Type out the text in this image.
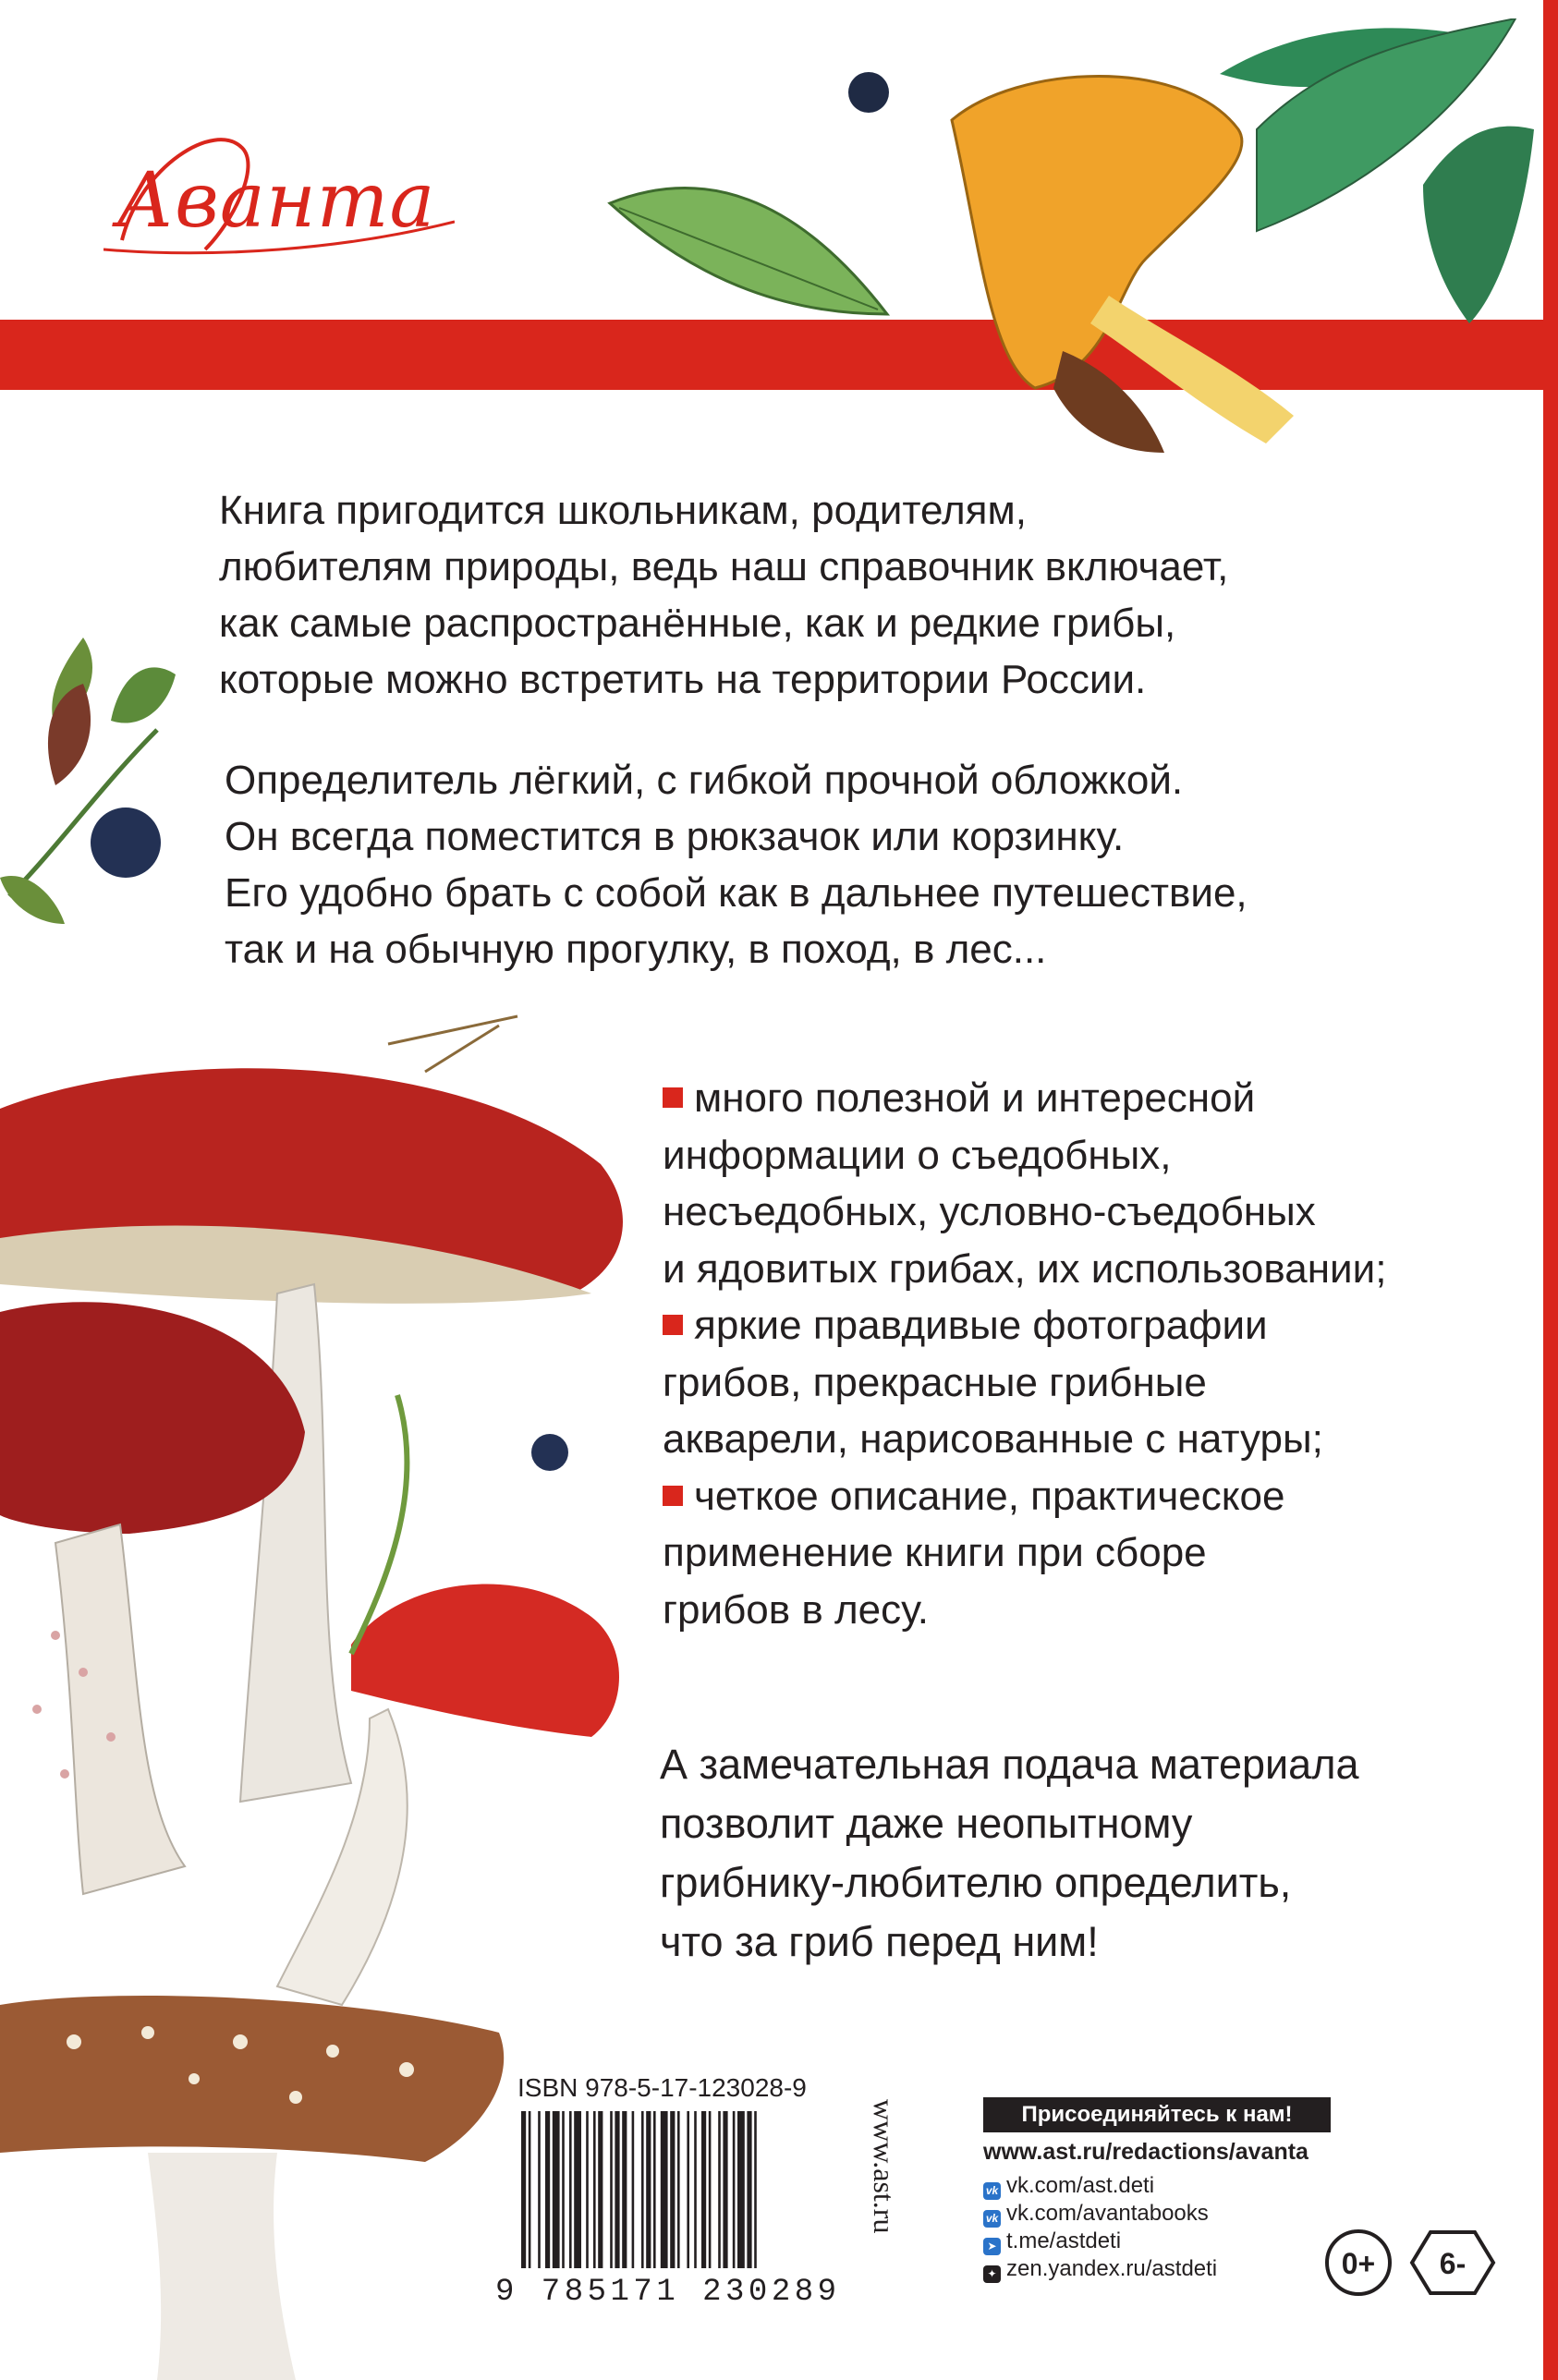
Аванта
Книга пригодится школьникам, родителям,
любителям природы, ведь наш справочник включает,
как самые распространённые, как и редкие грибы,
которые можно встретить на территории России.
Определитель лёгкий, с гибкой прочной обложкой.
Он всегда поместится в рюкзачок или корзинку.
Его удобно брать с собой как в дальнее путешествие,
так и на обычную прогулку, в поход, в лес...
много полезной и интересной
информации о съедобных,
несъедобных, условно-съедобных
и ядовитых грибах, их использовании;
яркие правдивые фотографии
грибов, прекрасные грибные
акварели, нарисованные с натуры;
четкое описание, практическое
применение книги при сборе
грибов в лесу.
А замечательная подача материала
позволит даже неопытному
грибнику-любителю определить,
что за гриб перед ним!
ISBN 978-5-17-123028-9
9 785171 230289
www.ast.ru	Присоединяйтесь к нам!
www.ast.ru/redactions/avanta
vk vk.com/ast.deti
vk vk.com/avantabooks
➤ t.me/astdeti
✦ zen.yandex.ru/astdeti	0+ 6-
